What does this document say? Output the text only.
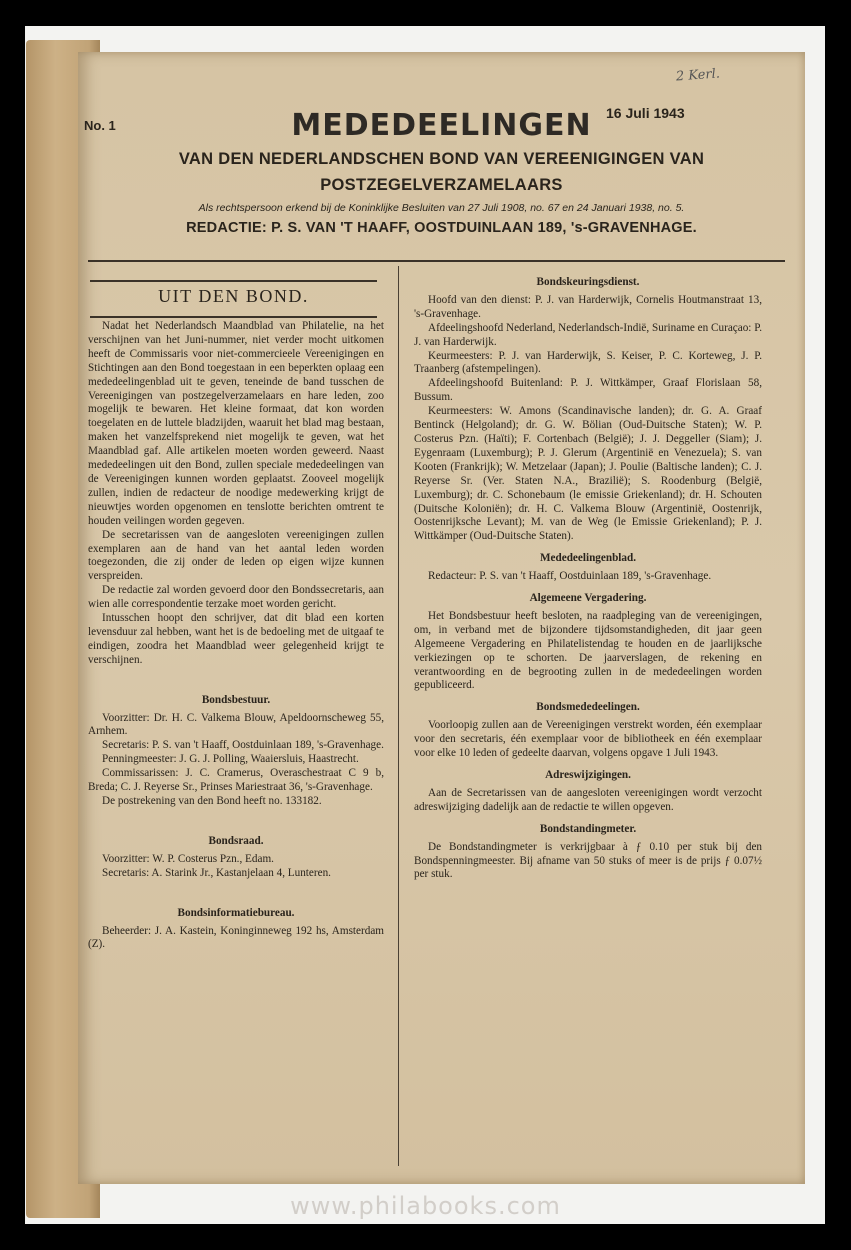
2 Kerl.
No. 1
16 Juli 1943
MEDEDEELINGEN
VAN DEN NEDERLANDSCHEN BOND VAN VEREENIGINGEN VAN
POSTZEGELVERZAMELAARS
Als rechtspersoon erkend bij de Koninklijke Besluiten van 27 Juli 1908, no. 67 en 24 Januari 1938, no. 5.
REDACTIE: P. S. VAN 'T HAAFF, OOSTDUINLAAN 189, 's-GRAVENHAGE.
UIT DEN BOND.

Nadat het Nederlandsch Maandblad van Philatelie, na het verschijnen van het Juni-nummer, niet verder mocht uitkomen heeft de Commissaris voor niet-commercieele Vereenigingen en Stichtingen aan den Bond toegestaan in een beperkten oplaag een mededeelingenblad uit te geven, teneinde de band tusschen de Vereenigingen van postzegelverzamelaars en hare leden, zoo mogelijk te bewaren. Het kleine formaat, dat kon worden toegelaten en de luttele bladzijden, waaruit het blad mag bestaan, maken het vanzelfsprekend niet mogelijk te geven, wat het Maandblad gaf. Alle artikelen moeten worden geweerd. Naast mededeelingen uit den Bond, zullen speciale mededeelingen van de Vereenigingen kunnen worden geplaatst. Zooveel mogelijk zullen, indien de redacteur de noodige medewerking krijgt de nieuwtjes worden opgenomen en tenslotte berichten omtrent te houden veilingen worden gegeven.

De secretarissen van de aangesloten vereenigingen zullen exemplaren aan de hand van het aantal leden worden toegezonden, die zij onder de leden op eigen wijze kunnen verspreiden.

De redactie zal worden gevoerd door den Bondssecretaris, aan wien alle correspondentie terzake moet worden gericht.

Intusschen hoopt den schrijver, dat dit blad een korten levensduur zal hebben, want het is de bedoeling met de uitgaaf te eindigen, zoodra het Maandblad weer gelegenheid krijgt te verschijnen.

Bondsbestuur.

Voorzitter: Dr. H. C. Valkema Blouw, Apeldoornscheweg 55, Arnhem.

Secretaris: P. S. van 't Haaff, Oostduinlaan 189, 's-Gravenhage.

Penningmeester: J. G. J. Polling, Waaiersluis, Haastrecht.

Commissarissen: J. C. Cramerus, Overaschestraat C 9 b, Breda; C. J. Reyerse Sr., Prinses Mariestraat 36, 's-Gravenhage.

De postrekening van den Bond heeft no. 133182.

Bondsraad.

Voorzitter: W. P. Costerus Pzn., Edam.

Secretaris: A. Starink Jr., Kastanjelaan 4, Lunteren.

Bondsinformatiebureau.

Beheerder: J. A. Kastein, Koninginneweg 192 hs, Amsterdam (Z).

Bondskeuringsdienst.

Hoofd van den dienst: P. J. van Harderwijk, Cornelis Houtmanstraat 13, 's-Gravenhage.

Afdeelingshoofd Nederland, Nederlandsch-Indië, Suriname en Curaçao: P. J. van Harderwijk.

Keurmeesters: P. J. van Harderwijk, S. Keiser, P. C. Korteweg, J. P. Traanberg (afstempelingen).

Afdeelingshoofd Buitenland: P. J. Wittkämper, Graaf Florislaan 58, Bussum.

Keurmeesters: W. Amons (Scandinavische landen); dr. G. A. Graaf Bentinck (Helgoland); dr. G. W. Bölian (Oud-Duitsche Staten); W. P. Costerus Pzn. (Haïti); F. Cortenbach (België); J. J. Deggeller (Siam); J. Eygenraam (Luxemburg); P. J. Glerum (Argentinië en Venezuela); S. van Kooten (Frankrijk); W. Metzelaar (Japan); J. Poulie (Baltische landen); C. J. Reyerse Sr. (Ver. Staten N.A., Brazilië); S. Roodenburg (België, Luxemburg); dr. C. Schonebaum (le emissie Griekenland); dr. H. Schouten (Duitsche Koloniën); dr. H. C. Valkema Blouw (Argentinië, Oostenrijk, Oostenrijksche Levant); M. van de Weg (le Emissie Griekenland); P. J. Wittkämper (Oud-Duitsche Staten).

Mededeelingenblad.

Redacteur: P. S. van 't Haaff, Oostduinlaan 189, 's-Gravenhage.

Algemeene Vergadering.

Het Bondsbestuur heeft besloten, na raadpleging van de vereenigingen, om, in verband met de bijzondere tijdsomstandigheden, dit jaar geen Algemeene Vergadering en Philatelistendag te houden en de jaarlijksche verkiezingen op te schorten. De jaarverslagen, de rekening en verantwoording en de begrooting zullen in de mededeelingen worden gepubliceerd.

Bondsmededeelingen.

Voorloopig zullen aan de Vereenigingen verstrekt worden, één exemplaar voor den secretaris, één exemplaar voor de bibliotheek en één exemplaar voor elke 10 leden of gedeelte daarvan, volgens opgave 1 Juli 1943.

Adreswijzigingen.

Aan de Secretarissen van de aangesloten vereenigingen wordt verzocht adreswijziging dadelijk aan de redactie te willen opgeven.

Bondstandingmeter.

De Bondstandingmeter is verkrijgbaar à ƒ 0.10 per stuk bij den Bondspenningmeester. Bij afname van 50 stuks of meer is de prijs ƒ 0.07½ per stuk.

www.philabooks.com
